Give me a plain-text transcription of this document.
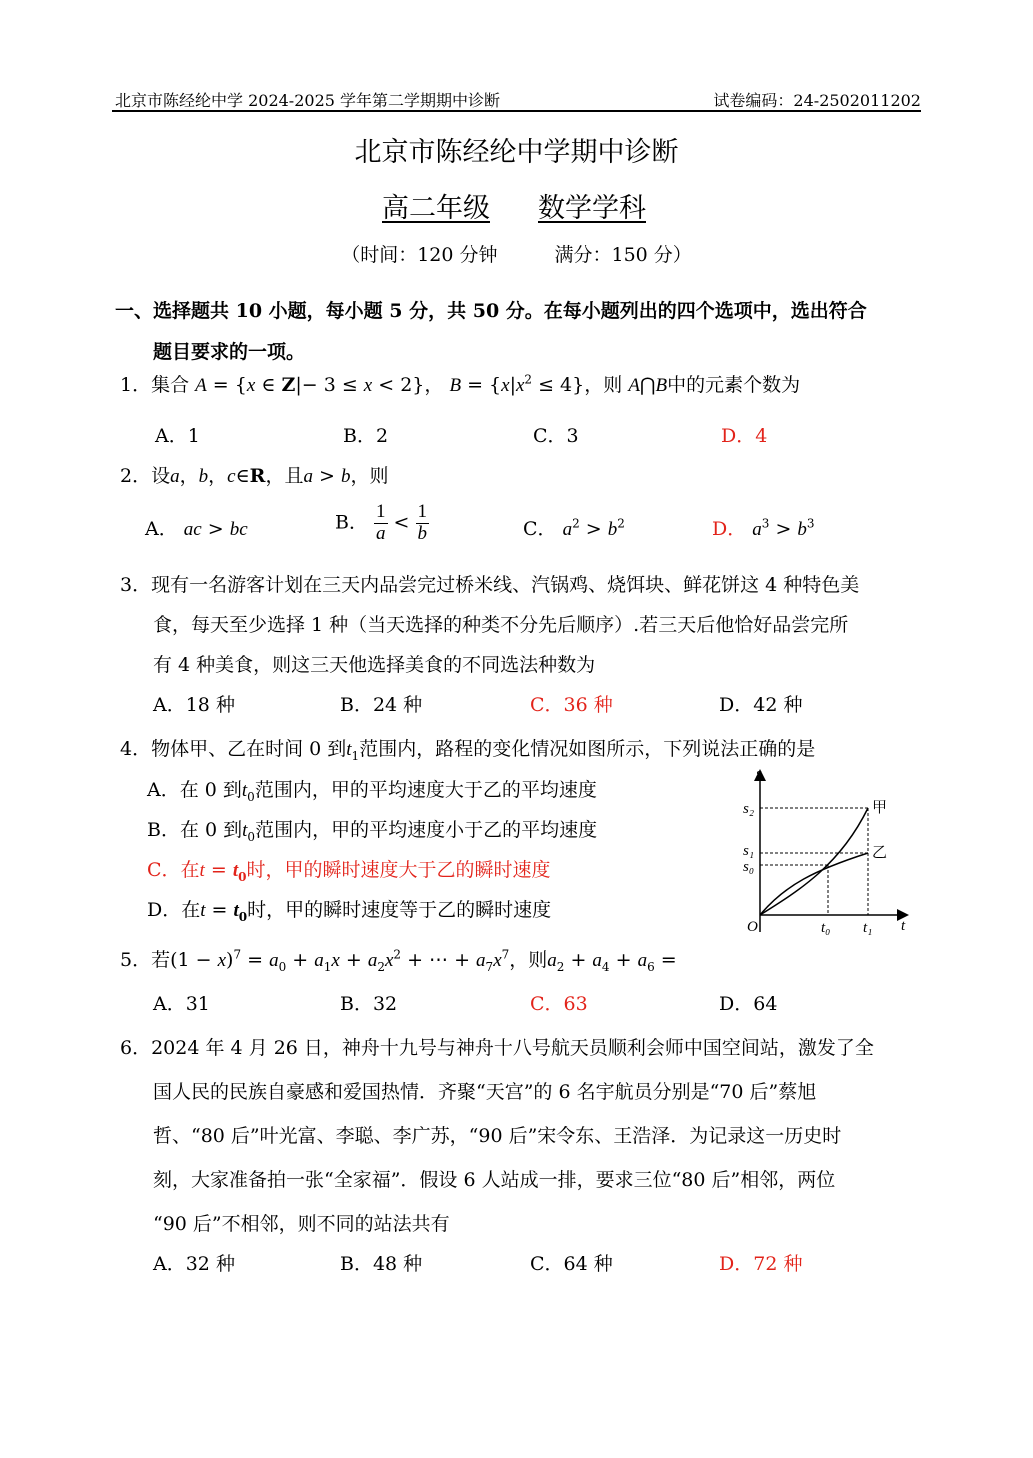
北京市陈经纶中学 2024-2025 学年第二学期期中诊断	试卷编码：24-2502011202
北京市陈经纶中学期中诊断
高二年级 数学学科
（时间：120 分钟　　　满分：150 分）
一、选择题共 10 小题，每小题 5 分，共 50 分。在每小题列出的四个选项中，选出符合
题目要求的一项。
1．集合 A = {x ∈ Z|− 3 ≤ x < 2}， $B = \{x|x^2 \le 4\}$，则 A⋂B中的元素个数为
A．1	B．2	C．3	D．4
2．设a，b，c∈R，且a > b，则
A． ac > bc	B． $\frac{1}{a} < \frac{1}{b}$	C． $a^2 > b^2$	D． $a^3 > b^3$
3．现有一名游客计划在三天内品尝完过桥米线、汽锅鸡、烧饵块、鲜花饼这 4 种特色美
食，每天至少选择 1 种（当天选择的种类不分先后顺序）.若三天后他恰好品尝完所
有 4 种美食，则这三天他选择美食的不同选法种数为
A．18 种	B．24 种	C．36 种	D．42 种
4．物体甲、乙在时间 0 到$t_1$范围内，路程的变化情况如图所示，下列说法正确的是
A．在 0 到$t_0$范围内，甲的平均速度大于乙的平均速度
B．在 0 到$t_0$范围内，甲的平均速度小于乙的平均速度
C．在$t = t_0$时，甲的瞬时速度大于乙的瞬时速度
D．在$t = t_0$时，甲的瞬时速度等于乙的瞬时速度
s
s₂
s₁
s₀
O	t₀ t₁ t
甲
乙
5．若$(1 - x)^7 = a_0 + a_1x + a_2x^2$ + ⋯ + $a_7x^7$，则$a_2 + a_4 + a_6$ =
A．31	B．32	C．63	D．64
6．2024 年 4 月 26 日，神舟十九号与神舟十八号航天员顺利会师中国空间站，激发了全
国人民的民族自豪感和爱国热情．齐聚“天宫”的 6 名宇航员分别是“70 后”蔡旭
哲、“80 后”叶光富、李聪、李广苏，“90 后”宋令东、王浩泽．为记录这一历史时
刻，大家准备拍一张“全家福”．假设 6 人站成一排，要求三位“80 后”相邻，两位
“90 后”不相邻，则不同的站法共有
A．32 种	B．48 种	C．64 种	D．72 种
